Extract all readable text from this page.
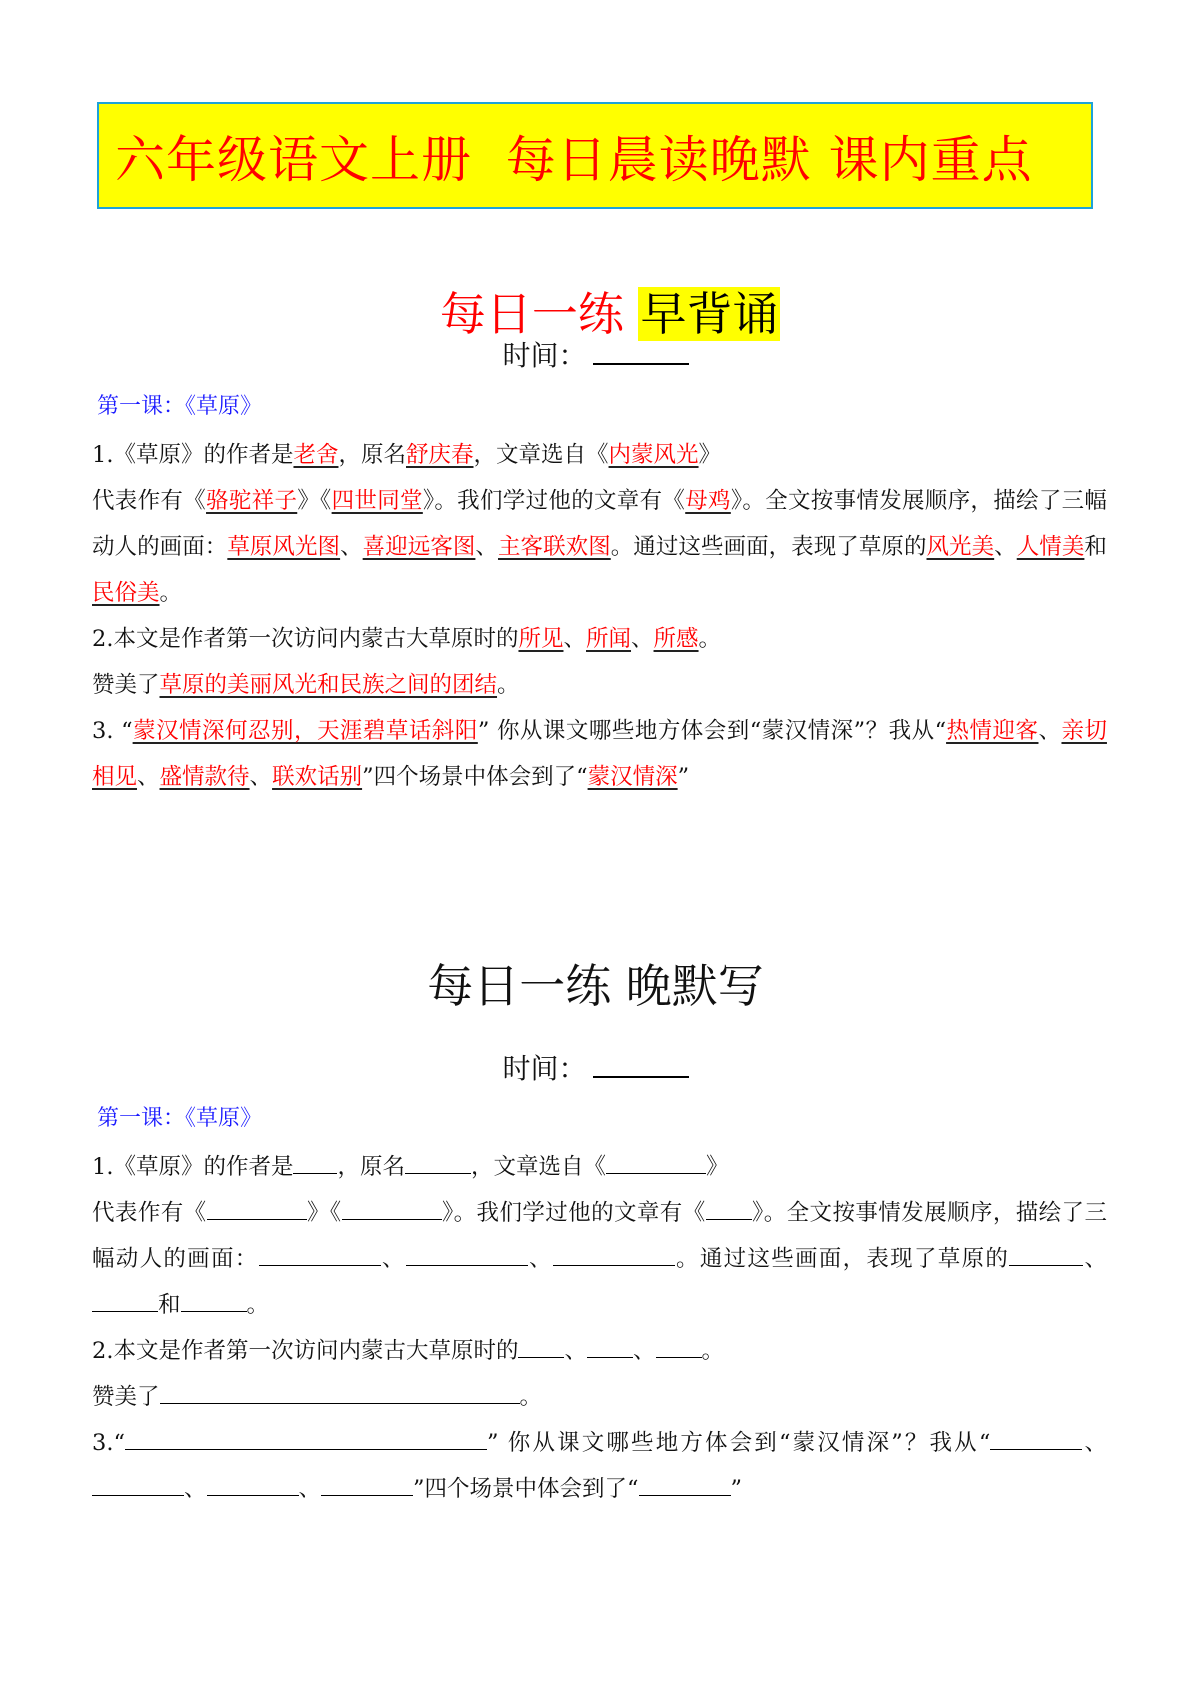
六年级语文上册  每日晨读晚默 课内重点

每日一练 早背诵

时间：
第一课：《草原》
1.《草原》的作者是老舍，原名舒庆春，文章选自《内蒙风光》
代表作有《骆驼祥子》《四世同堂》。我们学过他的文章有《母鸡》。全文按事情发展顺序，描绘了三幅动人的画面：草原风光图、喜迎远客图、主客联欢图。通过这些画面，表现了草原的风光美、人情美和民俗美。
2.本文是作者第一次访问内蒙古大草原时的所见、所闻、所感。
赞美了草原的美丽风光和民族之间的团结。
3. “蒙汉情深何忍别，天涯碧草话斜阳” 你从课文哪些地方体会到“蒙汉情深”？我从“热情迎客、亲切相见、盛情款待、联欢话别”四个场景中体会到了“蒙汉情深”
每日一练 晚默写
时间：
第一课：《草原》
1.《草原》的作者是 ，原名	，文章选自《	》
代表作有《	》《	》。我们学过他的文章有《 》。全文按事情发展顺序，描绘了三幅动人的画面：	、	、	。通过这些画面，表现了草原的	、和	。
2.本文是作者第一次访问内蒙古大草原时的 、 、 。
赞美了	。
3.“	” 你从课文哪些地方体会到“蒙汉情深”？我从“	、、	、	”四个场景中体会到了“	”
